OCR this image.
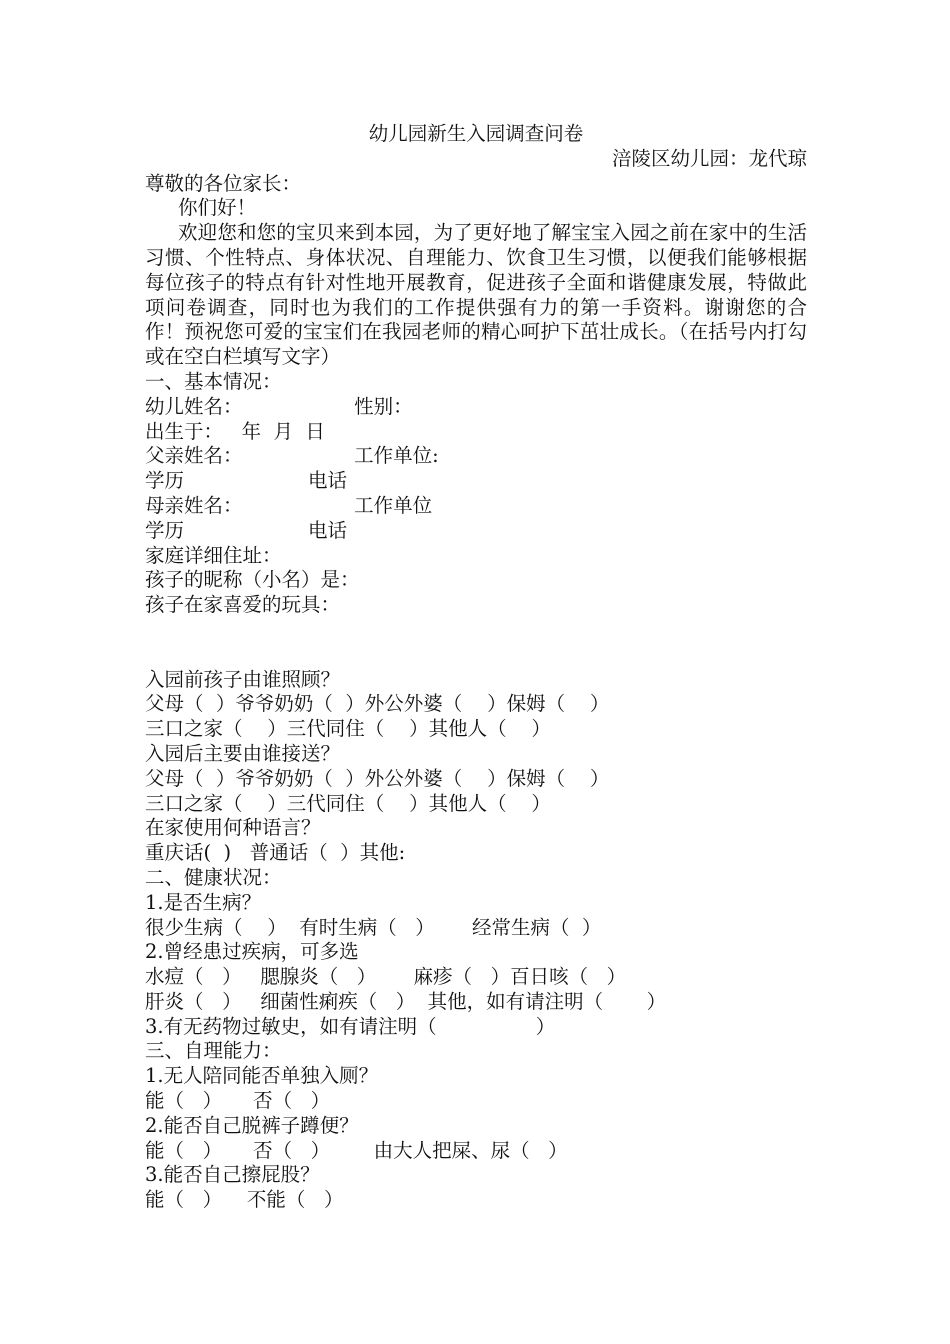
幼儿园新生入园调查问卷
涪陵区幼儿园：龙代琼
尊敬的各位家长：
你们好！
欢迎您和您的宝贝来到本园，为了更好地了解宝宝入园之前在家中的生活习惯、个性特点、身体状况、自理能力、饮食卫生习惯，以便我们能够根据每位孩子的特点有针对性地开展教育，促进孩子全面和谐健康发展，特做此项问卷调查，同时也为我们的工作提供强有力的第一手资料。谢谢您的合作！预祝您可爱的宝宝们在我园老师的精心呵护下茁壮成长。（在括号内打勾或在空白栏填写文字）
一、基本情况：
幼儿姓名：                  性别：
出生于：   年  月  日
父亲姓名：                  工作单位:
学历                    电话
母亲姓名：                  工作单位
学历                    电话
家庭详细住址：
孩子的昵称（小名）是：
孩子在家喜爱的玩具：
入园前孩子由谁照顾？
父母（  ）爷爷奶奶（  ）外公外婆（    ）保姆（    ）
三口之家（    ）三代同住（    ）其他人（    ）
入园后主要由谁接送？
父母（  ）爷爷奶奶（  ）外公外婆（    ）保姆（    ）
三口之家（    ）三代同住（    ）其他人（    ）
在家使用何种语言？
重庆话(  )   普通话（  ）其他:
二、健康状况：
1.是否生病？
很少生病（    ）  有时生病（   ）      经常生病（  ）
2.曾经患过疾病，可多选
水痘（   ）   腮腺炎（   ）      麻疹（   ）百日咳（   ）
肝炎（   ）   细菌性痢疾（   ）  其他，如有请注明（       ）
3.有无药物过敏史，如有请注明（                ）
三、自理能力：
1.无人陪同能否单独入厕？
能（   ）     否（   ）
2.能否自己脱裤子蹲便？
能（   ）     否（   ）       由大人把屎、尿（   ）
3.能否自己擦屁股？
能（   ）    不能（   ）
